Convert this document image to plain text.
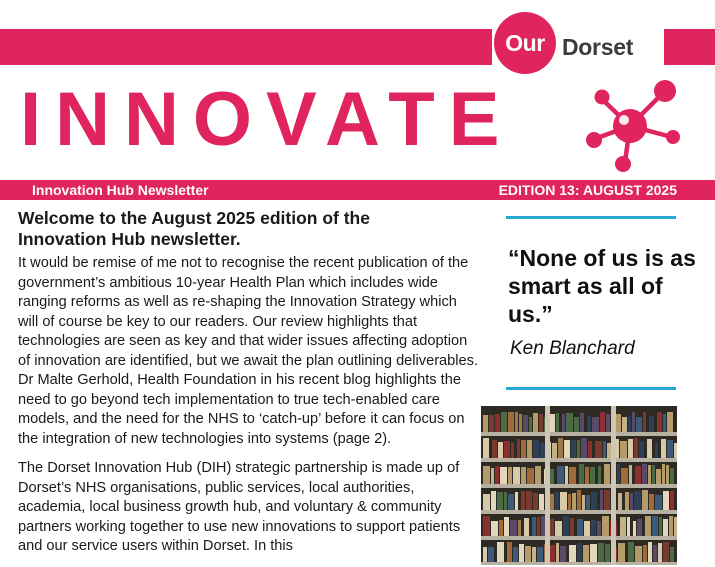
Our Dorset
INNOVATE
Innovation Hub Newsletter	EDITION 13: AUGUST 2025
Welcome to the August 2025 edition of the
Innovation Hub newsletter.

It would be remise of me not to recognise the recent publication of the government’s ambitious 10-year Health Plan which includes wide ranging reforms as well as re-shaping the Innovation Strategy which will of course be key to our readers. Our review highlights that technologies are seen as key and that wider issues affecting adoption of innovation are identified, but we await the plan outlining deliverables. Dr Malte Gerhold, Health Foundation in his recent blog highlights the need to go beyond tech implementation to true tech-enabled care models, and the need for the NHS to ‘catch-up’ before it can focus on the integration of new technologies into systems (page 2).

The Dorset Innovation Hub (DIH) strategic partnership is made up of Dorset’s NHS organisations, public services, local authorities, academia, local business growth hub, and voluntary & community partners working together to use new innovations to support patients and our service users within Dorset. In this

“None of us is as smart as all of us.”
Ken Blanchard
